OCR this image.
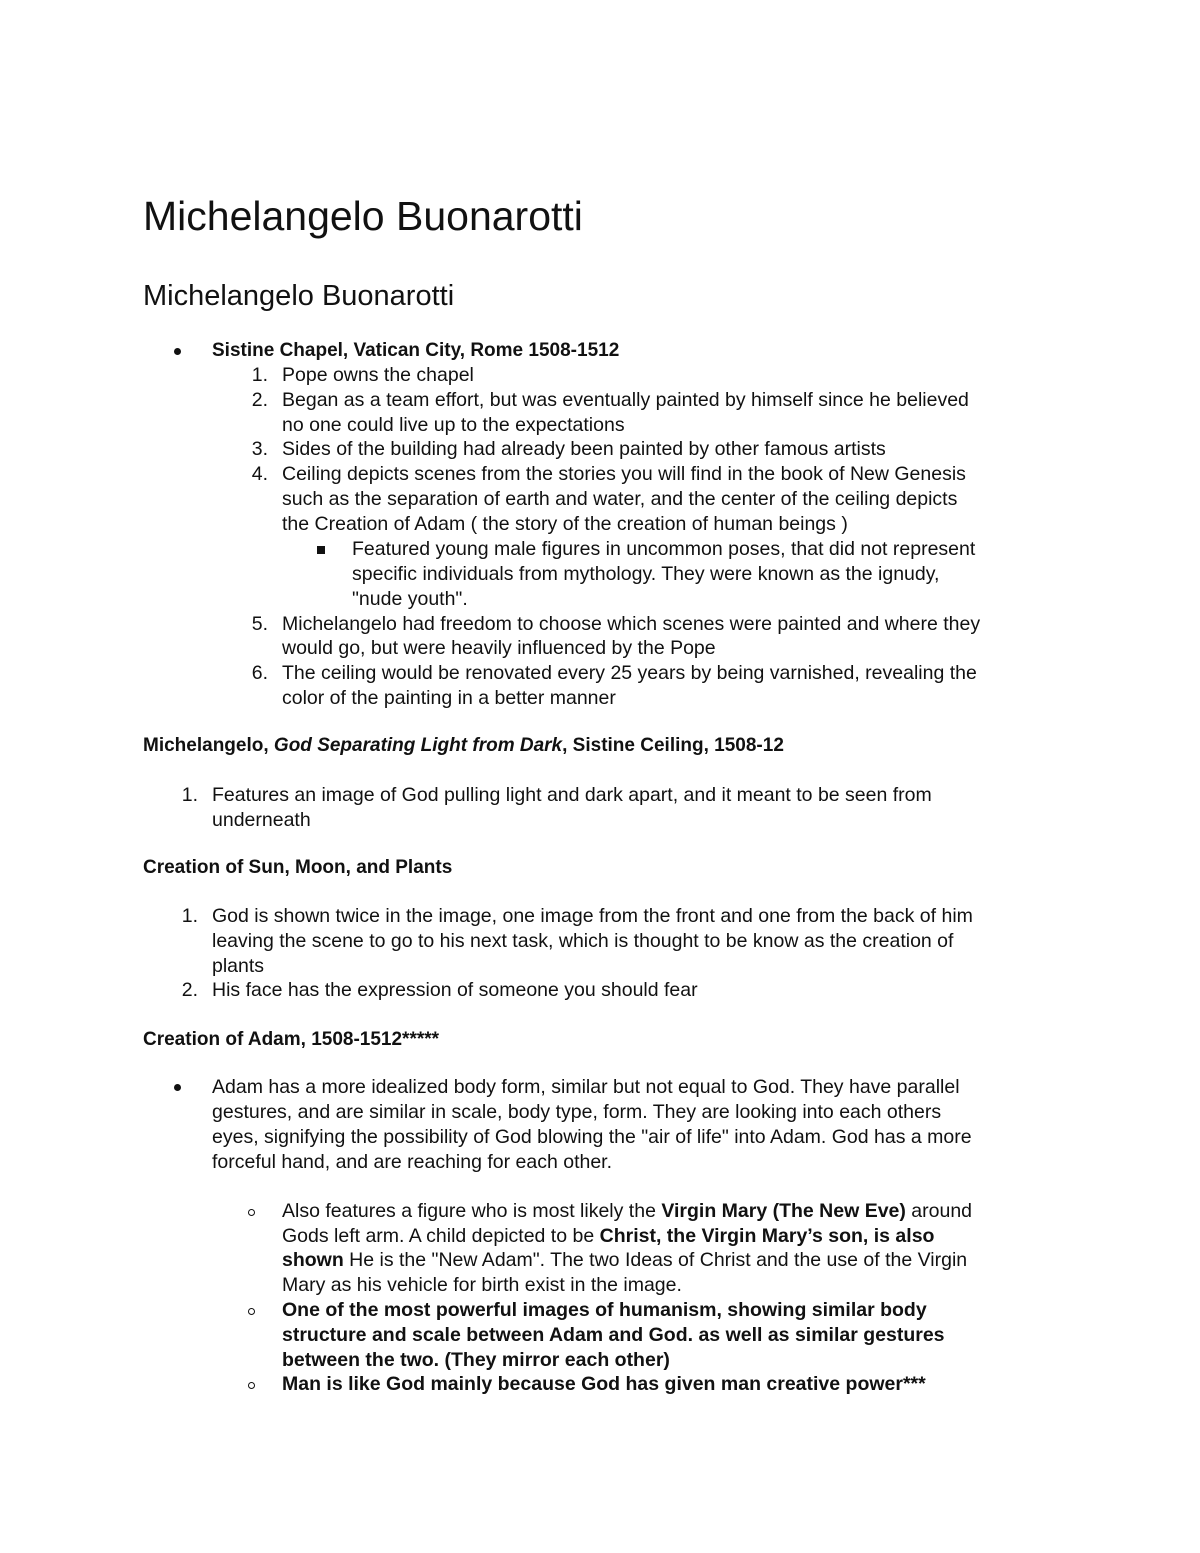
Michelangelo Buonarotti
Michelangelo Buonarotti
Sistine Chapel, Vatican City, Rome 1508-1512
1. Pope owns the chapel
2. Began as a team effort, but was eventually painted by himself since he believed
no one could live up to the expectations
3. Sides of the building had already been painted by other famous artists
4. Ceiling depicts scenes from the stories you will find in the book of New Genesis
such as the separation of earth and water, and the center of the ceiling depicts
the Creation of Adam ( the story of the creation of human beings )
Featured young male figures in uncommon poses, that did not represent
specific individuals from mythology. They were known as the ignudy,
"nude youth".
5. Michelangelo had freedom to choose which scenes were painted and where they
would go, but were heavily influenced by the Pope
6. The ceiling would be renovated every 25 years by being varnished, revealing the
color of the painting in a better manner
Michelangelo, God Separating Light from Dark, Sistine Ceiling, 1508-12
1. Features an image of God pulling light and dark apart, and it meant to be seen from
underneath
Creation of Sun, Moon, and Plants
1. God is shown twice in the image, one image from the front and one from the back of him
leaving the scene to go to his next task, which is thought to be know as the creation of
plants
2. His face has the expression of someone you should fear
Creation of Adam, 1508-1512*****
Adam has a more idealized body form, similar but not equal to God. They have parallel
gestures, and are similar in scale, body type, form. They are looking into each others
eyes, signifying the possibility of God blowing the "air of life" into Adam. God has a more
forceful hand, and are reaching for each other.
Also features a figure who is most likely the Virgin Mary (The New Eve) around
Gods left arm. A child depicted to be Christ, the Virgin Mary’s son, is also
shown He is the "New Adam". The two Ideas of Christ and the use of the Virgin
Mary as his vehicle for birth exist in the image.
One of the most powerful images of humanism, showing similar body
structure and scale between Adam and God. as well as similar gestures
between the two. (They mirror each other)
Man is like God mainly because God has given man creative power***
